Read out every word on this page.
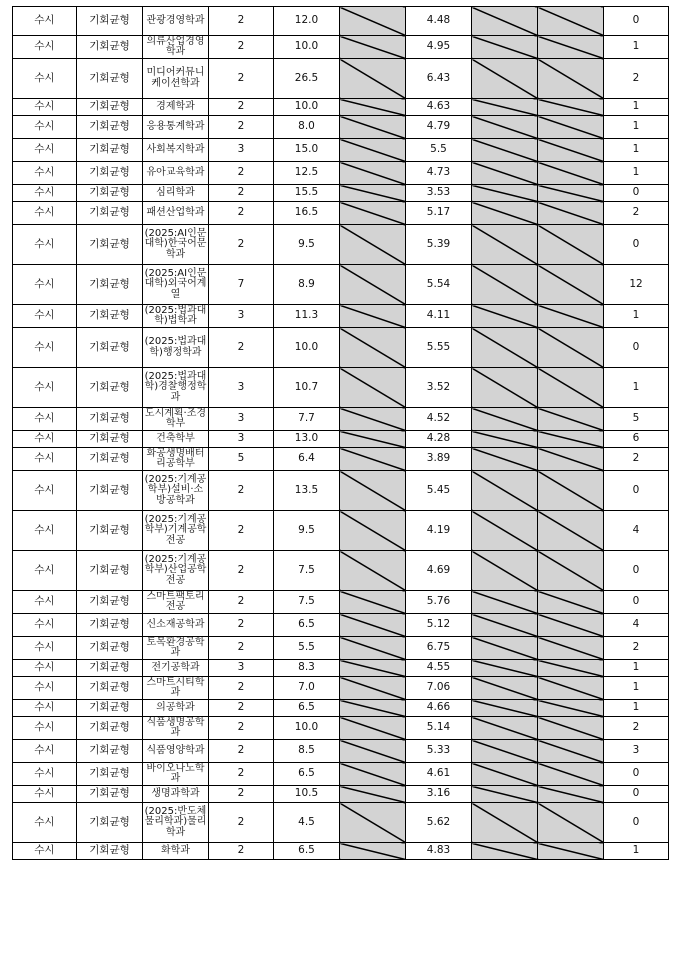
수시	기회균형	관광경영학과	2	12.0		4.48			0
수시	기회균형	의류산업경영학과	2	10.0		4.95			1
수시	기회균형	미디어커뮤니케이션학과	2	26.5		6.43			2
수시	기회균형	경제학과	2	10.0		4.63			1
수시	기회균형	응용통계학과	2	8.0		4.79			1
수시	기회균형	사회복지학과	3	15.0		5.5			1
수시	기회균형	유아교육학과	2	12.5		4.73			1
수시	기회균형	심리학과	2	15.5		3.53			0
수시	기회균형	패션산업학과	2	16.5		5.17			2
수시	기회균형	(2025:AI인문대학)한국어문학과	2	9.5		5.39			0
수시	기회균형	(2025:AI인문대학)외국어계열	7	8.9		5.54			12
수시	기회균형	(2025:법과대학)법학과	3	11.3		4.11			1
수시	기회균형	(2025:법과대학)행정학과	2	10.0		5.55			0
수시	기회균형	(2025:법과대학)경찰행정학과	3	10.7		3.52			1
수시	기회균형	도시계획·조경학부	3	7.7		4.52			5
수시	기회균형	건축학부	3	13.0		4.28			6
수시	기회균형	화공생명배터리공학부	5	6.4		3.89			2
수시	기회균형	(2025:기계공학부)설비·소방공학과	2	13.5		5.45			0
수시	기회균형	(2025:기계공학부)기계공학전공	2	9.5		4.19			4
수시	기회균형	(2025:기계공학부)산업공학전공	2	7.5		4.69			0
수시	기회균형	스마트팩토리전공	2	7.5		5.76			0
수시	기회균형	신소재공학과	2	6.5		5.12			4
수시	기회균형	토목환경공학과	2	5.5		6.75			2
수시	기회균형	전기공학과	3	8.3		4.55			1
수시	기회균형	스마트시티학과	2	7.0		7.06			1
수시	기회균형	의공학과	2	6.5		4.66			1
수시	기회균형	식품생명공학과	2	10.0		5.14			2
수시	기회균형	식품영양학과	2	8.5		5.33			3
수시	기회균형	바이오나노학과	2	6.5		4.61			0
수시	기회균형	생명과학과	2	10.5		3.16			0
수시	기회균형	(2025:반도체물리학과)물리학과	2	4.5		5.62			0
수시	기회균형	화학과	2	6.5		4.83			1
